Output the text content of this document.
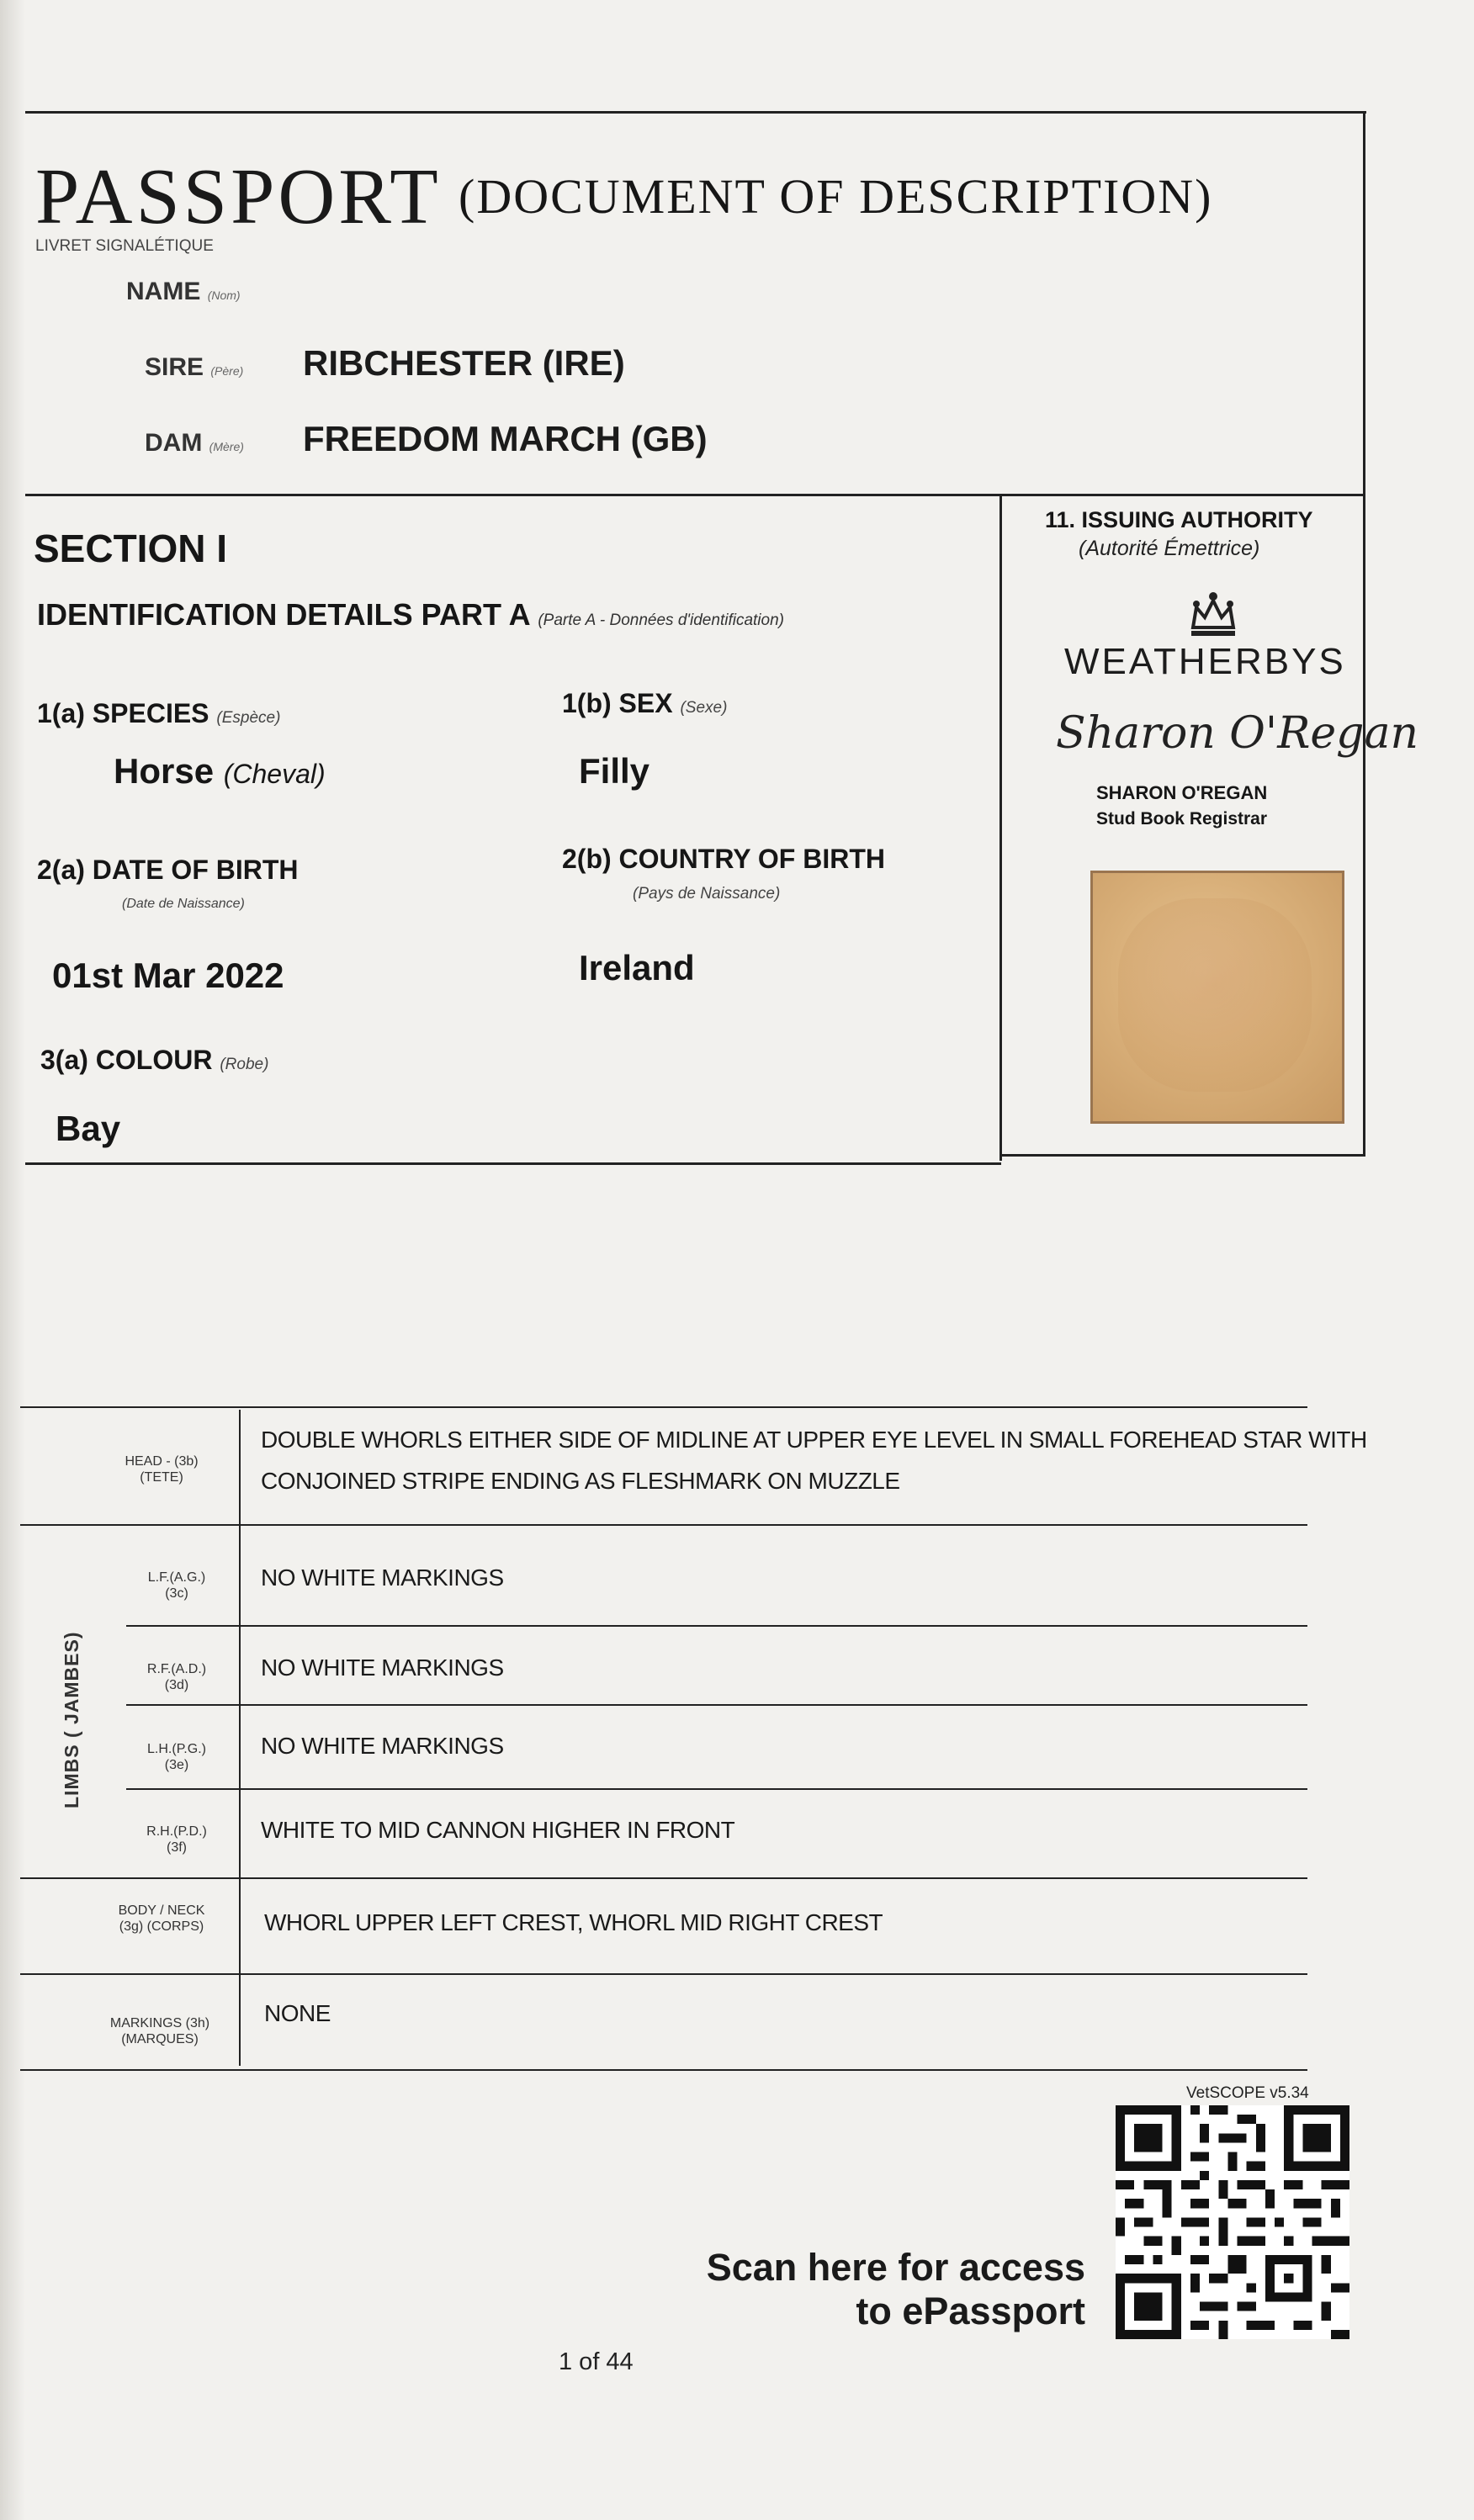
PASSPORT (DOCUMENT OF DESCRIPTION)
LIVRET SIGNALÉTIQUE
NAME (Nom)
SIRE (Père) RIBCHESTER (IRE)
DAM (Mère) FREEDOM MARCH (GB)
SECTION I
IDENTIFICATION DETAILS PART A (Parte A - Données d'identification)
1(a) SPECIES (Espèce)
Horse (Cheval)
1(b) SEX (Sexe)
Filly
2(a) DATE OF BIRTH
(Date de Naissance)
01st Mar 2022
2(b) COUNTRY OF BIRTH
(Pays de Naissance)
Ireland
3(a) COLOUR (Robe)
Bay
11. ISSUING AUTHORITY
(Autorité Émettrice)
WEATHERBYS
Sharon O'Regan
SHARON O'REGAN
Stud Book Registrar
LIMBS ( JAMBES)
HEAD - (3b)
(TETE)
DOUBLE WHORLS EITHER SIDE OF MIDLINE AT UPPER EYE LEVEL IN SMALL FOREHEAD STAR WITH
CONJOINED STRIPE ENDING AS FLESHMARK ON MUZZLE
L.F.(A.G.)
(3c)
NO WHITE MARKINGS
R.F.(A.D.)
(3d)
NO WHITE MARKINGS
L.H.(P.G.)
(3e)
NO WHITE MARKINGS
R.H.(P.D.)
(3f)
WHITE TO MID CANNON HIGHER IN FRONT
BODY / NECK
(3g) (CORPS)	WHORL UPPER LEFT CREST, WHORL MID RIGHT CREST
MARKINGS (3h)
(MARQUES)
NONE
VetSCOPE v5.34
Scan here for access
to ePassport
1 of 44
